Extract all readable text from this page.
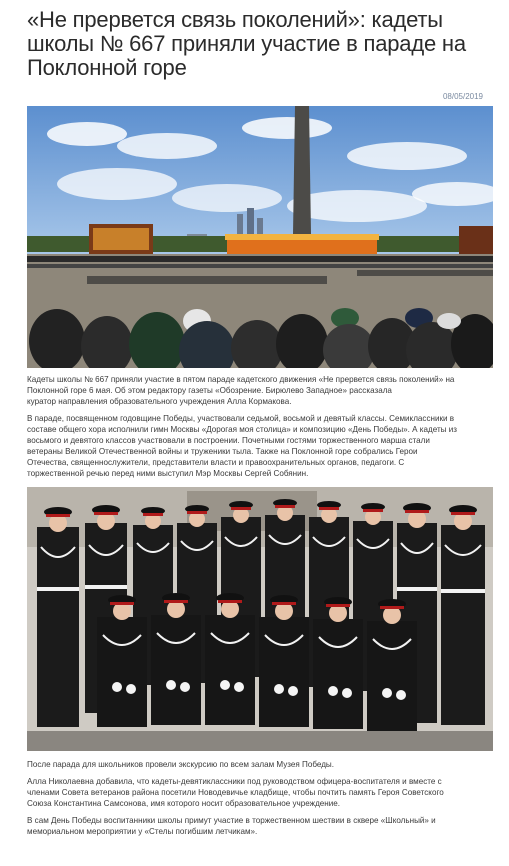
«Не прервется связь поколений»: кадеты
школы № 667 приняли участие в параде на
Поклонной горе
08/05/2019
Кадеты школы № 667 приняли участие в пятом параде кадетского движения «Не прервется связь поколений» на
Поклонной горе 6 мая. Об этом редактору газеты «Обозрение. Бирюлево Западное» рассказала
куратор направления образовательного учреждения Алла Кормакова.
В параде, посвященном годовщине Победы, участвовали седьмой, восьмой и девятый классы. Семиклассники в
составе общего хора исполнили гимн Москвы «Дорогая моя столица» и композицию «День Победы». А кадеты из
восьмого и девятого классов участвовали в построении. Почетными гостями торжественного марша стали
ветераны Великой Отечественной войны и труженики тыла. Также на Поклонной горе собрались Герои
Отечества, священнослужители, представители власти и правоохранительных органов, педагоги. С
торжественной речью перед ними выступил Мэр Москвы Сергей Собянин.
После парада для школьников провели экскурсию по всем залам Музея Победы.
Алла Николаевна добавила, что кадеты-девятиклассники под руководством офицера-воспитателя и вместе с
членами Совета ветеранов района посетили Новодевичье кладбище, чтобы почтить память Героя Советского
Союза Константина Самсонова, имя которого носит образовательное учреждение.
В сам День Победы воспитанники школы примут участие в торжественном шествии в сквере «Школьный» и
мемориальном мероприятии у «Стелы погибшим летчикам».
